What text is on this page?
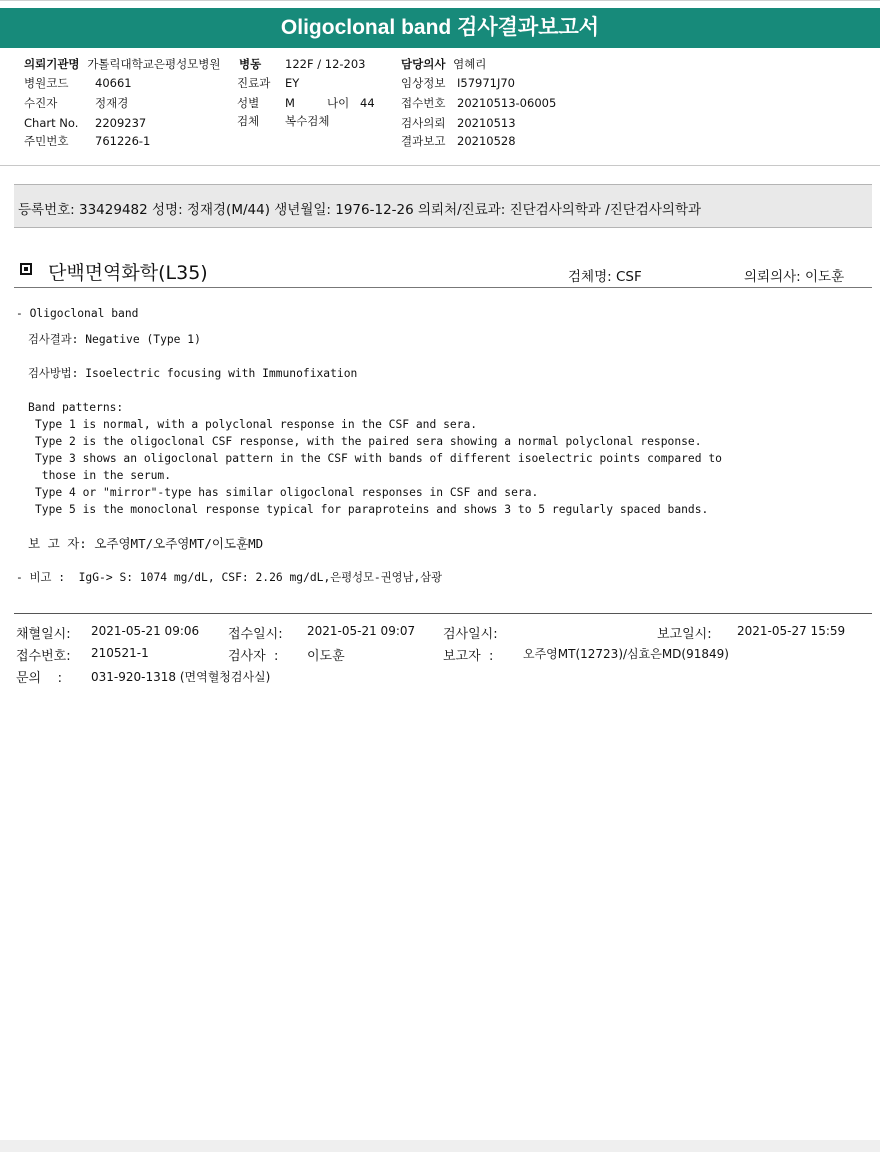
Oligoclonal band 검사결과보고서
의뢰기관명 가톨릭대학교은평성모병원 병동 122F / 12-203	담당의사 염혜리
병원코드 40661	진료과 EY	임상정보 I57971J70
수진자	정재경	성별 M	나이 44 접수번호 20210513-06005
Chart No. 2209237	검체 복수검체	검사의뢰 20210513
주민번호 761226-1	결과보고 20210528
등록번호: 33429482 성명: 정재경(M/44) 생년월일: 1976-12-26 의뢰처/진료과: 진단검사의학과 /진단검사의학과
단백면역화학(L35)	검체명: CSF	의뢰의사: 이도훈
- Oligoclonal band
검사결과: Negative (Type 1)
검사방법: Isoelectric focusing with Immunofixation
Band patterns:
Type 1 is normal, with a polyclonal response in the CSF and sera.
Type 2 is the oligoclonal CSF response, with the paired sera showing a normal polyclonal response.
Type 3 shows an oligoclonal pattern in the CSF with bands of different isoelectric points compared to
those in the serum.
Type 4 or "mirror"-type has similar oligoclonal responses in CSF and sera.
Type 5 is the monoclonal response typical for paraproteins and shows 3 to 5 regularly spaced bands.
보 고 자: 오주영MT/오주영MT/이도훈MD
- 비고 :  IgG-> S: 1074 mg/dL, CSF: 2.26 mg/dL,은평성모-권영남,삼광
채혈일시: 2021-05-21 09:06 접수일시: 2021-05-21 09:07 검사일시:	보고일시: 2021-05-27 15:59
접수번호: 210521-1	검사자  : 이도훈	보고자  : 오주영MT(12723)/심효은MD(91849)
문의    : 031-920-1318 (면역혈청검사실)
